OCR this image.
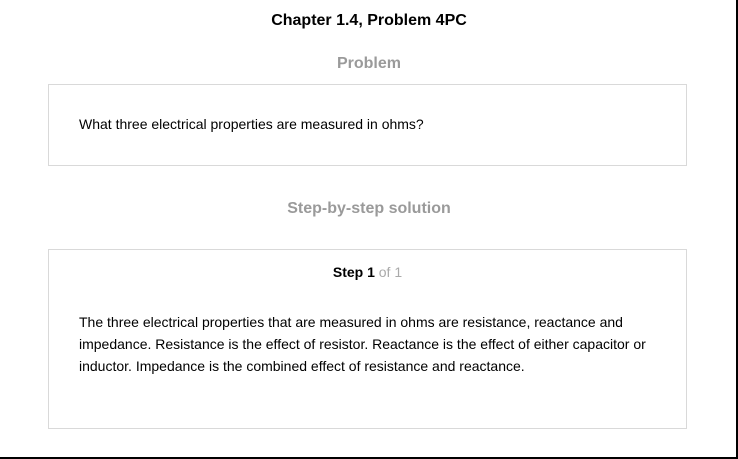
Chapter 1.4, Problem 4PC
Problem
What three electrical properties are measured in ohms?
Step-by-step solution
Step 1 of 1
The three electrical properties that are measured in ohms are resistance, reactance and impedance. Resistance is the effect of resistor. Reactance is the effect of either capacitor or inductor. Impedance is the combined effect of resistance and reactance.
